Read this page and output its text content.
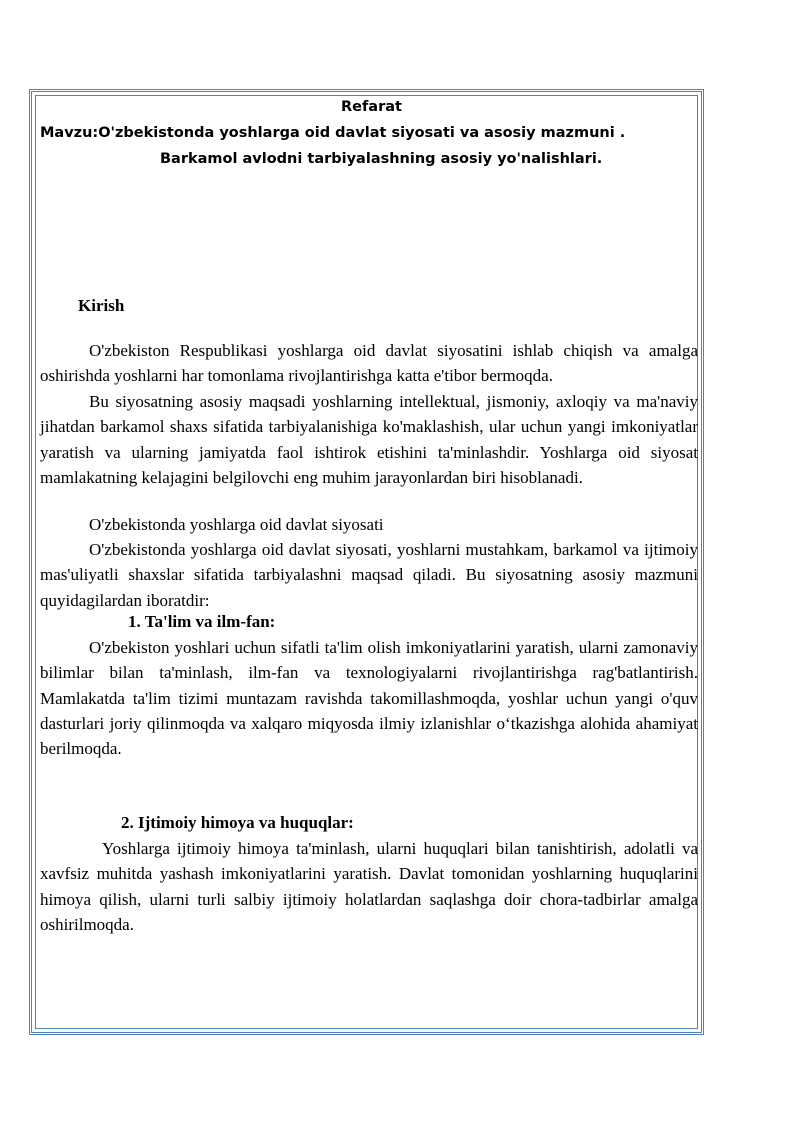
Refarat
Mavzu:O'zbekistonda yoshlarga oid davlat siyosati va asosiy mazmuni .
Barkamol avlodni tarbiyalashning asosiy yo'nalishlari.
Kirish

O'zbekiston Respublikasi yoshlarga oid davlat siyosatini ishlab chiqish va amalga oshirishda yoshlarni har tomonlama rivojlantirishga katta e'tibor bermoqda.

Bu siyosatning asosiy maqsadi yoshlarning intellektual, jismoniy, axloqiy va ma'naviy jihatdan barkamol shaxs sifatida tarbiyalanishiga ko'maklashish, ular uchun yangi imkoniyatlar yaratish va ularning jamiyatda faol ishtirok etishini ta'minlashdir. Yoshlarga oid siyosat mamlakatning kelajagini belgilovchi eng muhim jarayonlardan biri hisoblanadi.

O'zbekistonda yoshlarga oid davlat siyosati

O'zbekistonda yoshlarga oid davlat siyosati, yoshlarni mustahkam, barkamol va ijtimoiy mas'uliyatli shaxslar sifatida tarbiyalashni maqsad qiladi. Bu siyosatning asosiy mazmuni quyidagilardan iboratdir:

1. Ta'lim va ilm-fan:

O'zbekiston yoshlari uchun sifatli ta'lim olish imkoniyatlarini yaratish, ularni zamonaviy bilimlar bilan ta'minlash, ilm-fan va texnologiyalarni rivojlantirishga rag'batlantirish. Mamlakatda ta'lim tizimi muntazam ravishda takomillashmoqda, yoshlar uchun yangi o'quv dasturlari joriy qilinmoqda va xalqaro miqyosda ilmiy izlanishlar o‘tkazishga alohida ahamiyat berilmoqda.

2. Ijtimoiy himoya va huquqlar:

Yoshlarga ijtimoiy himoya ta'minlash, ularni huquqlari bilan tanishtirish, adolatli va xavfsiz muhitda yashash imkoniyatlarini yaratish. Davlat tomonidan yoshlarning huquqlarini himoya qilish, ularni turli salbiy ijtimoiy holatlardan saqlashga doir chora-tadbirlar amalga oshirilmoqda.
